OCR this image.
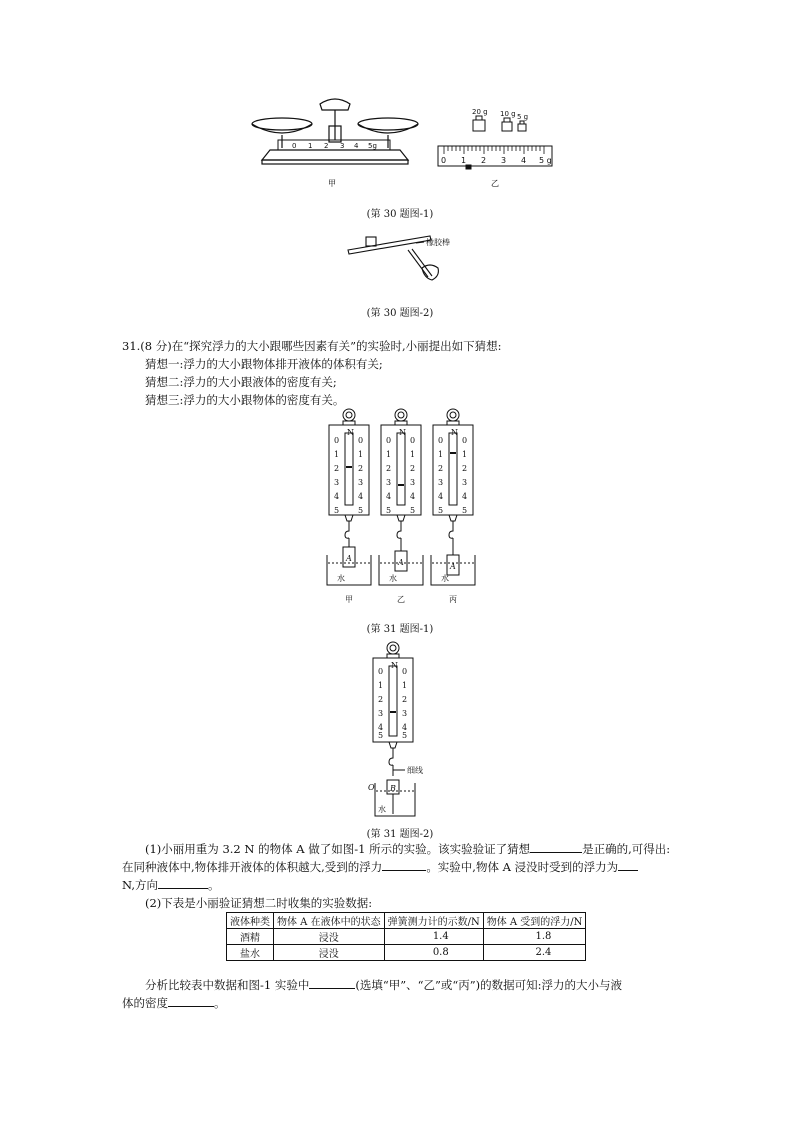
0 1 2 3 4 5g
甲
20 g 10 g 5 g
0 1 2 3 4 5 g
乙
(第 30 题图-1)
橡胶棒
(第 30 题图-2)
31.(8 分)在“探究浮力的大小跟哪些因素有关”的实验时,小丽提出如下猜想:
猜想一:浮力的大小跟物体排开液体的体积有关;
猜想二:浮力的大小跟液体的密度有关;
猜想三:浮力的大小跟物体的密度有关。
N
0
1
2
3
4
5
0
1
2
3
4
5
N
0
1
2
3
4
5
0
1
2
3
4
5
N
0
1
2
3
4
5
0
1
2
3
4
5
A	A	A
水	水	水
甲	乙	丙
(第 31 题图-1)
N
0
1
2
3
4
5
0
1
2
3
4
5
细线
O B
水
(第 31 题图-2)
(1)小丽用重为 3.2 N 的物体 A 做了如图-1 所示的实验。该实验验证了猜想	是正确的,可得出:
在同种液体中,物体排开液体的体积越大,受到的浮力	。实验中,物体 A 浸没时受到的浮力为
N,方向	。
(2)下表是小丽验证猜想二时收集的实验数据:
液体种类	物体 A 在液体中的状态	弹簧测力计的示数/N	物体 A 受到的浮力/N
酒精	浸没	1.4	1.8
盐水	浸没	0.8	2.4
分析比较表中数据和图-1 实验中	(选填“甲”、“乙”或“丙”)的数据可知:浮力的大小与液
体的密度	。
